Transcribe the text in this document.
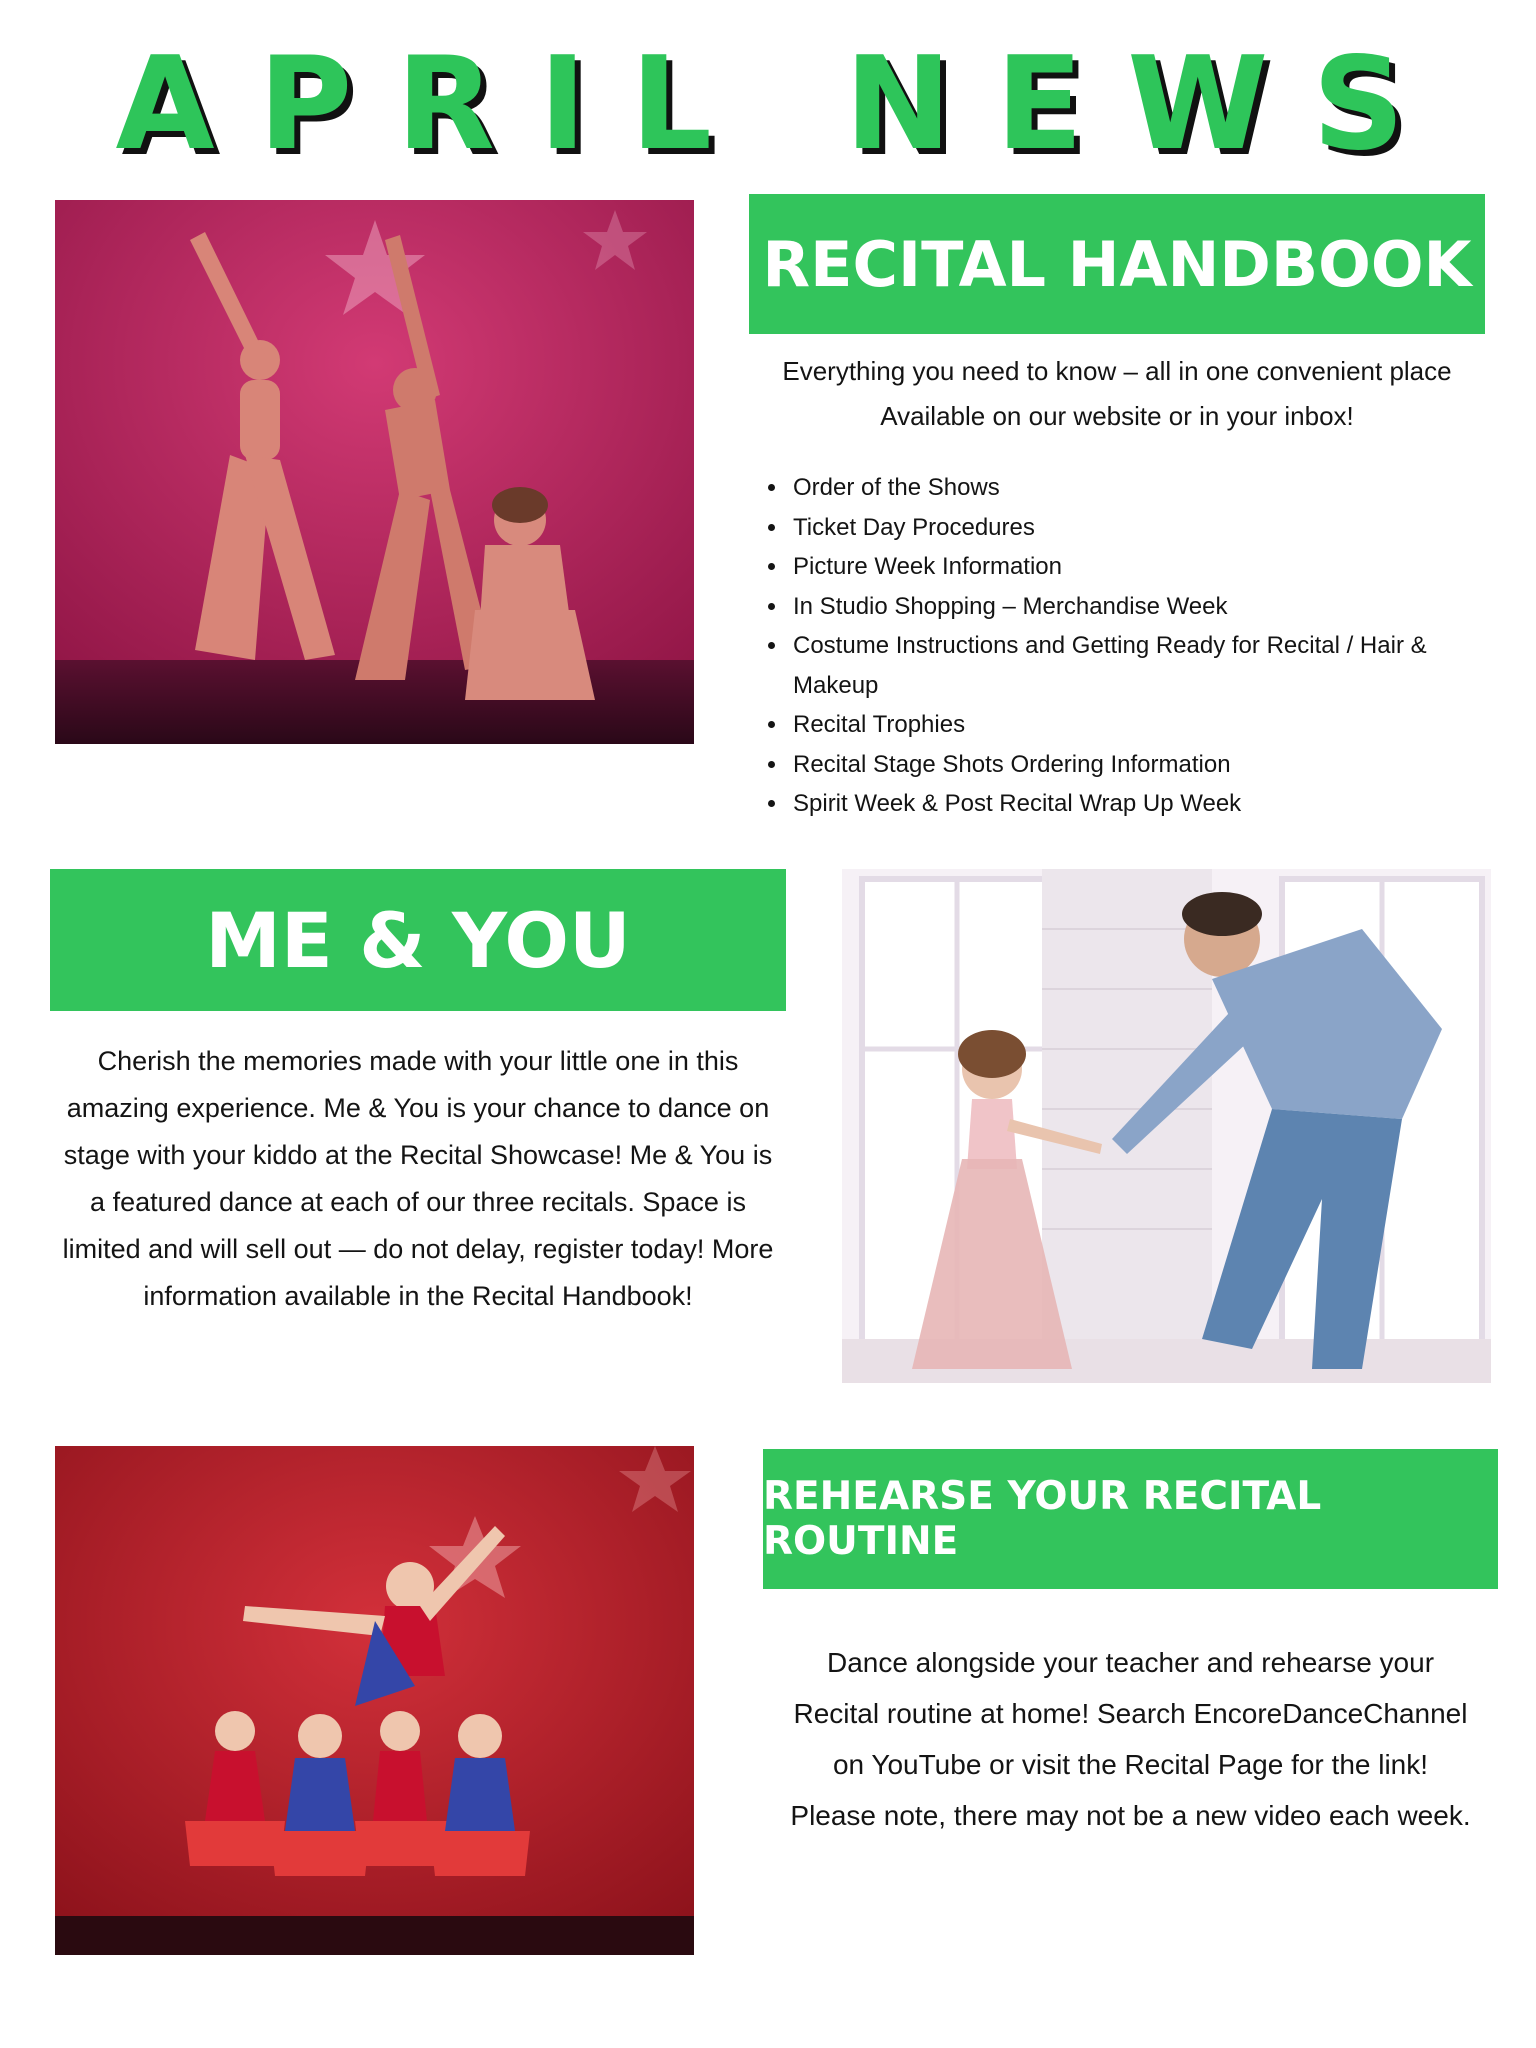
APRIL NEWS
RECITAL HANDBOOK
Everything you need to know – all in one convenient place
Available on our website or in your inbox!
• Order of the Shows
• Ticket Day Procedures
• Picture Week Information
• In Studio Shopping – Merchandise Week
• Costume Instructions and Getting Ready for Recital / Hair & Makeup
• Recital Trophies
• Recital Stage Shots Ordering Information
• Spirit Week & Post Recital Wrap Up Week
ME & YOU
Cherish the memories made with your little one in this
amazing experience. Me & You is your chance to dance on
stage with your kiddo at the Recital Showcase! Me & You is
a featured dance at each of our three recitals. Space is
limited and will sell out — do not delay, register today! More
information available in the Recital Handbook!
REHEARSE YOUR RECITAL ROUTINE
Dance alongside your teacher and rehearse your
Recital routine at home! Search EncoreDanceChannel
on YouTube or visit the Recital Page for the link!
Please note, there may not be a new video each week.
